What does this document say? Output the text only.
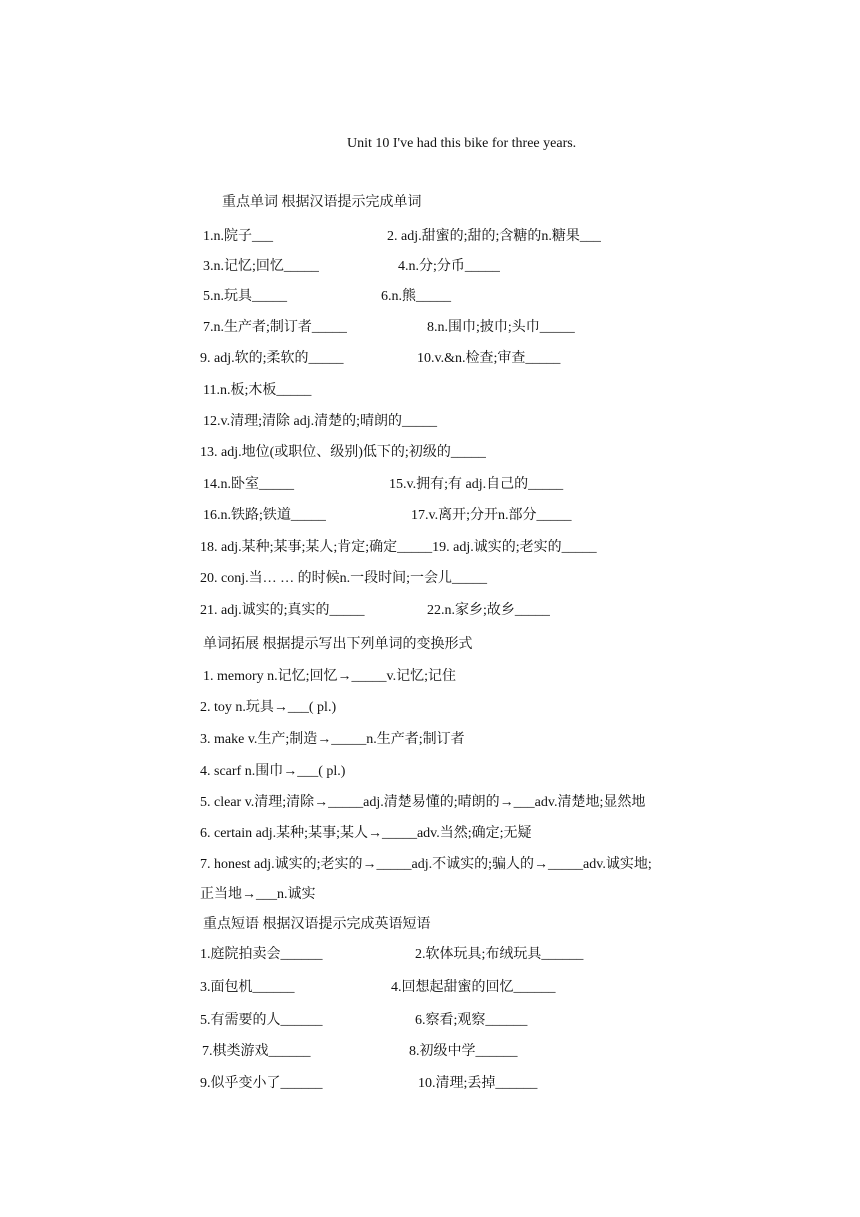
Unit 10 I've had this bike for three years.
重点单词 根据汉语提示完成单词
1.n.院子___	2. adj.甜蜜的;甜的;含糖的n.糖果___
3.n.记忆;回忆_____	4.n.分;分币_____
5.n.玩具_____	6.n.熊_____
7.n.生产者;制订者_____	8.n.围巾;披巾;头巾_____
9. adj.软的;柔软的_____	10.v.&n.检查;审查_____
11.n.板;木板_____
12.v.清理;清除 adj.清楚的;晴朗的_____
13. adj.地位(或职位、级别)低下的;初级的_____
14.n.卧室_____	15.v.拥有;有 adj.自己的_____
16.n.铁路;铁道_____	17.v.离开;分开n.部分_____
18. adj.某种;某事;某人;肯定;确定_____19. adj.诚实的;老实的_____
20. conj.当… … 的时候n.一段时间;一会儿_____
21. adj.诚实的;真实的_____	22.n.家乡;故乡_____
单词拓展 根据提示写出下列单词的变换形式
1. memory n.记忆;回忆→_____v.记忆;记住
2. toy n.玩具→___( pl.)
3. make v.生产;制造→_____n.生产者;制订者
4. scarf n.围巾→___( pl.)
5. clear v.清理;清除→_____adj.清楚易懂的;晴朗的→___adv.清楚地;显然地
6. certain adj.某种;某事;某人→_____adv.当然;确定;无疑
7. honest adj.诚实的;老实的→_____adj.不诚实的;骗人的→_____adv.诚实地;
正当地→___n.诚实
重点短语 根据汉语提示完成英语短语
1.庭院拍卖会______	2.软体玩具;布绒玩具______
3.面包机______	4.回想起甜蜜的回忆______
5.有需要的人______	6.察看;观察______
7.棋类游戏______	8.初级中学______
9.似乎变小了______	10.清理;丢掉______
